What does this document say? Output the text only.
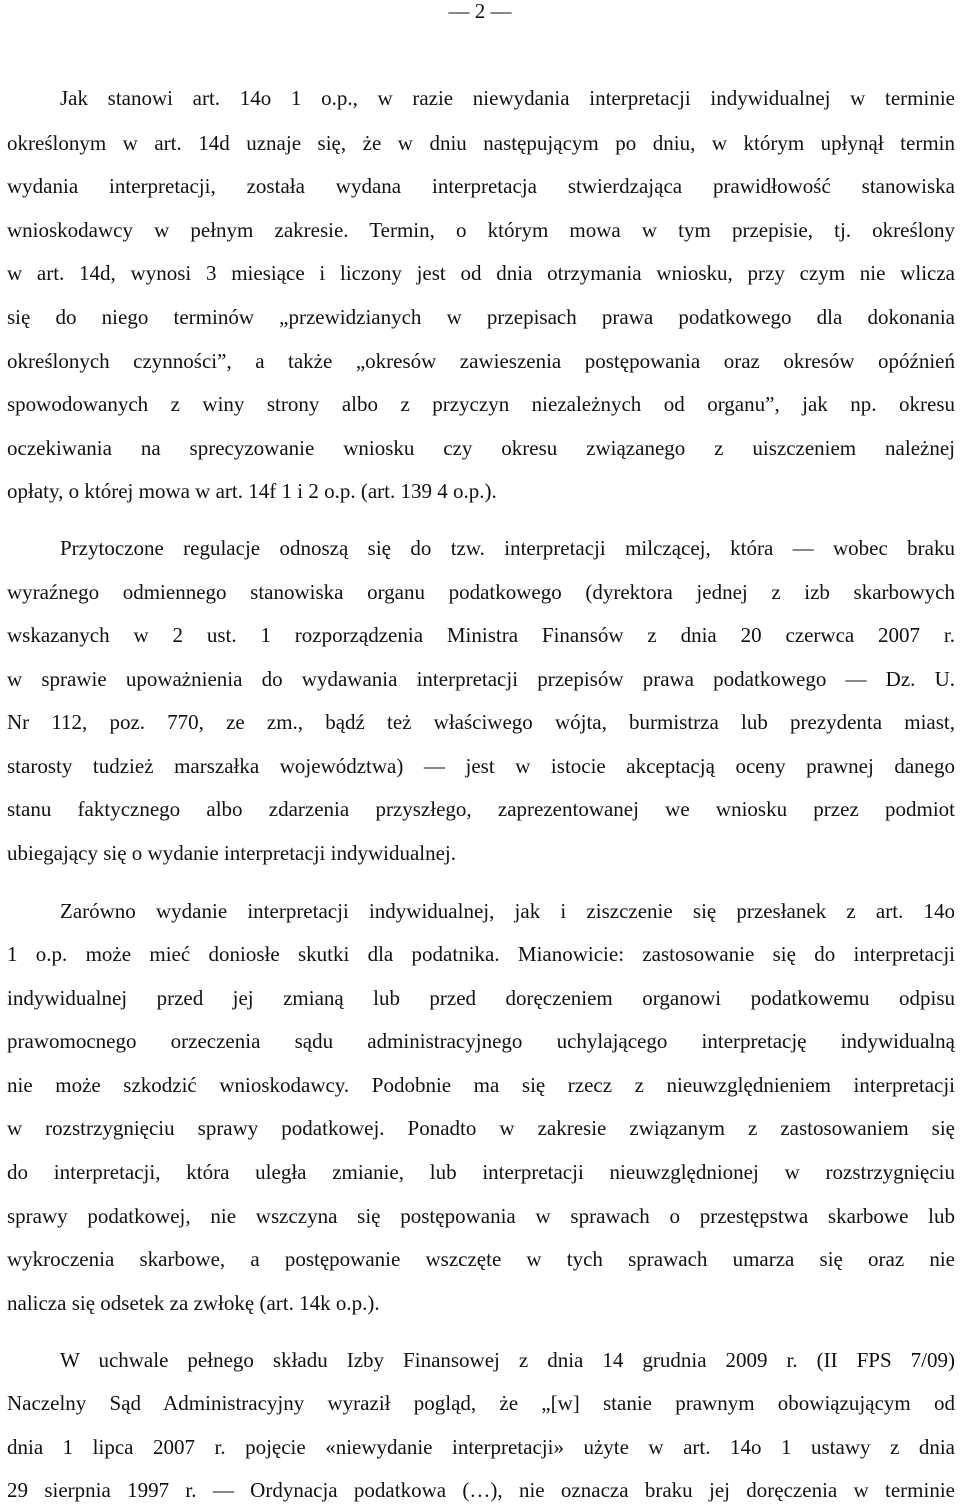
— 2 —
Jak stanowi art. 14o 1 o.p., w razie niewydania interpretacji indywidualnej w terminie
określonym w art. 14d uznaje się, że w dniu następującym po dniu, w którym upłynął termin
wydania interpretacji, została wydana interpretacja stwierdzająca prawidłowość stanowiska
wnioskodawcy w pełnym zakresie. Termin, o którym mowa w tym przepisie, tj. określony
w art. 14d, wynosi 3 miesiące i liczony jest od dnia otrzymania wniosku, przy czym nie wlicza
się do niego terminów „przewidzianych w przepisach prawa podatkowego dla dokonania
określonych czynności”, a także „okresów zawieszenia postępowania oraz okresów opóźnień
spowodowanych z winy strony albo z przyczyn niezależnych od organu”, jak np. okresu
oczekiwania na sprecyzowanie wniosku czy okresu związanego z uiszczeniem należnej
opłaty, o której mowa w art. 14f 1 i 2 o.p. (art. 139 4 o.p.).
Przytoczone regulacje odnoszą się do tzw. interpretacji milczącej, która — wobec braku
wyraźnego odmiennego stanowiska organu podatkowego (dyrektora jednej z izb skarbowych
wskazanych w 2 ust. 1 rozporządzenia Ministra Finansów z dnia 20 czerwca 2007 r.
w sprawie upoważnienia do wydawania interpretacji przepisów prawa podatkowego — Dz. U.
Nr 112, poz. 770, ze zm., bądź też właściwego wójta, burmistrza lub prezydenta miast,
starosty tudzież marszałka województwa) — jest w istocie akceptacją oceny prawnej danego
stanu faktycznego albo zdarzenia przyszłego, zaprezentowanej we wniosku przez podmiot
ubiegający się o wydanie interpretacji indywidualnej.
Zarówno wydanie interpretacji indywidualnej, jak i ziszczenie się przesłanek z art. 14o
1 o.p. może mieć doniosłe skutki dla podatnika. Mianowicie: zastosowanie się do interpretacji
indywidualnej przed jej zmianą lub przed doręczeniem organowi podatkowemu odpisu
prawomocnego orzeczenia sądu administracyjnego uchylającego interpretację indywidualną
nie może szkodzić wnioskodawcy. Podobnie ma się rzecz z nieuwzględnieniem interpretacji
w rozstrzygnięciu sprawy podatkowej. Ponadto w zakresie związanym z zastosowaniem się
do interpretacji, która uległa zmianie, lub interpretacji nieuwzględnionej w rozstrzygnięciu
sprawy podatkowej, nie wszczyna się postępowania w sprawach o przestępstwa skarbowe lub
wykroczenia skarbowe, a postępowanie wszczęte w tych sprawach umarza się oraz nie
nalicza się odsetek za zwłokę (art. 14k o.p.).
W uchwale pełnego składu Izby Finansowej z dnia 14 grudnia 2009 r. (II FPS 7/09)
Naczelny Sąd Administracyjny wyraził pogląd, że „[w] stanie prawnym obowiązującym od
dnia 1 lipca 2007 r. pojęcie «niewydanie interpretacji» użyte w art. 14o 1 ustawy z dnia
29 sierpnia 1997 r. — Ordynacja podatkowa (…), nie oznacza braku jej doręczenia w terminie
